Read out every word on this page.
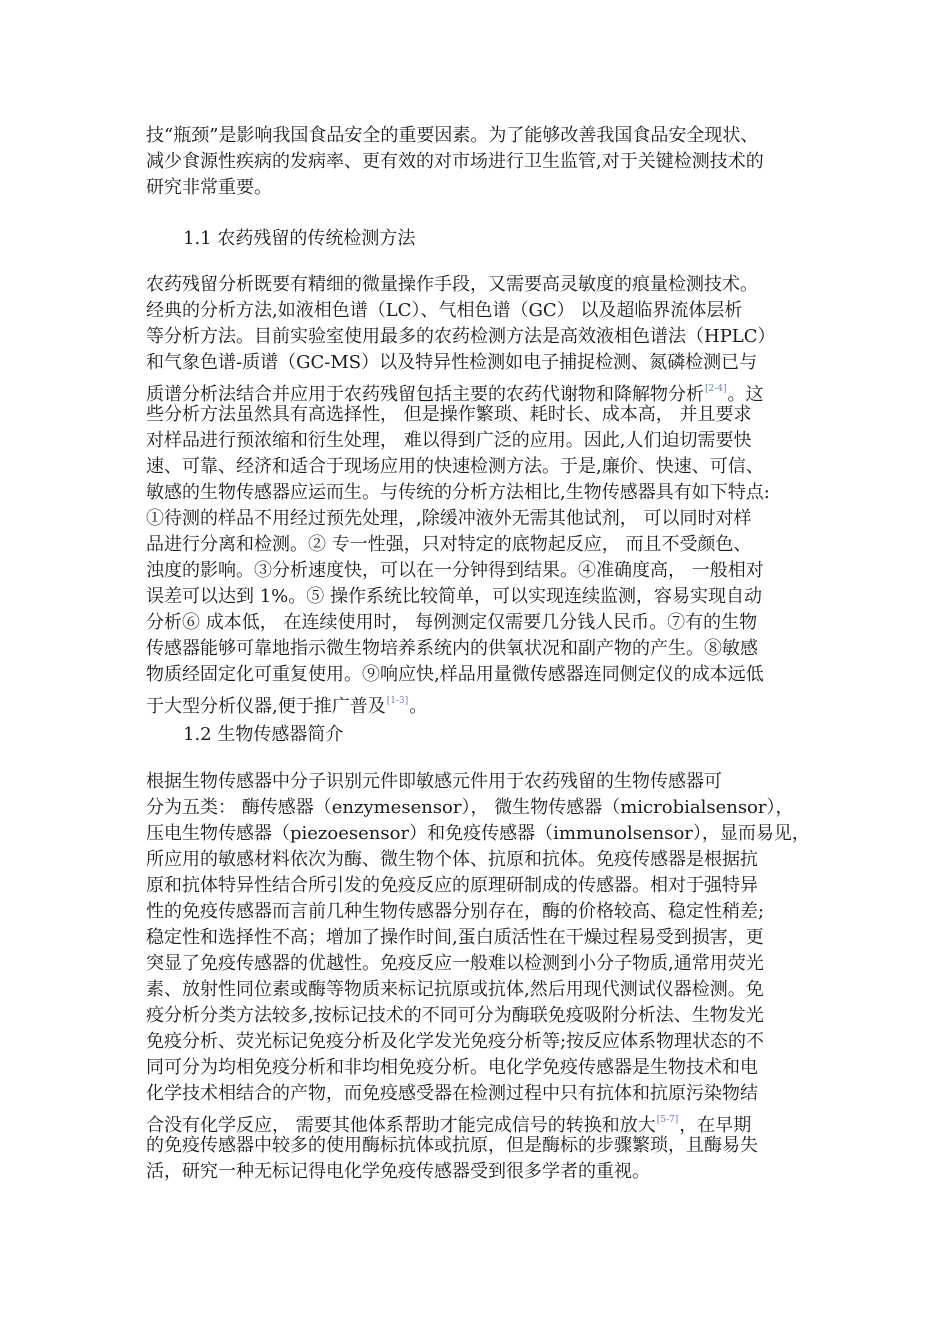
技“瓶颈”是影响我国食品安全的重要因素。为了能够改善我国食品安全现状、
减少食源性疾病的发病率、更有效的对市场进行卫生监管,对于关键检测技术的
研究非常重要。
1.1 农药残留的传统检测方法
农药残留分析既要有精细的微量操作手段，又需要高灵敏度的痕量检测技术。
经典的分析方法,如液相色谱（LC）、气相色谱（GC） 以及超临界流体层析
等分析方法。目前实验室使用最多的农药检测方法是高效液相色谱法（HPLC）
和气象色谱-质谱（GC-MS）以及特异性检测如电子捕捉检测、氮磷检测已与
质谱分析法结合并应用于农药残留包括主要的农药代谢物和降解物分析[2-4]。这
些分析方法虽然具有高选择性， 但是操作繁琐、耗时长、成本高， 并且要求
对样品进行预浓缩和衍生处理， 难以得到广泛的应用。因此,人们迫切需要快
速、可靠、经济和适合于现场应用的快速检测方法。于是,廉价、快速、可信、
敏感的生物传感器应运而生。与传统的分析方法相比,生物传感器具有如下特点:
①待测的样品不用经过预先处理，,除缓冲液外无需其他试剂， 可以同时对样
品进行分离和检测。② 专一性强，只对特定的底物起反应， 而且不受颜色、
浊度的影响。③分析速度快，可以在一分钟得到结果。④准确度高， 一般相对
误差可以达到 1%。⑤ 操作系统比较简单，可以实现连续监测，容易实现自动
分析⑥ 成本低， 在连续使用时， 每例测定仅需要几分钱人民币。⑦有的生物
传感器能够可靠地指示微生物培养系统内的供氧状况和副产物的产生。⑧敏感
物质经固定化可重复使用。⑨响应快,样品用量微传感器连同侧定仪的成本远低
于大型分析仪器,便于推广普及[1-3]。
1.2 生物传感器简介
根据生物传感器中分子识别元件即敏感元件用于农药残留的生物传感器可
分为五类： 酶传感器（enzymesensor）， 微生物传感器（microbialsensor），
压电生物传感器（piezoesensor）和免疫传感器（immunolsensor），显而易见，
所应用的敏感材料依次为酶、微生物个体、抗原和抗体。免疫传感器是根据抗
原和抗体特异性结合所引发的免疫反应的原理研制成的传感器。相对于强特异
性的免疫传感器而言前几种生物传感器分别存在，酶的价格较高、稳定性稍差;
稳定性和选择性不高；增加了操作时间,蛋白质活性在干燥过程易受到损害，更
突显了免疫传感器的优越性。免疫反应一般难以检测到小分子物质,通常用荧光
素、放射性同位素或酶等物质来标记抗原或抗体,然后用现代测试仪器检测。免
疫分析分类方法较多,按标记技术的不同可分为酶联免疫吸附分析法、生物发光
免疫分析、荧光标记免疫分析及化学发光免疫分析等;按反应体系物理状态的不
同可分为均相免疫分析和非均相免疫分析。电化学免疫传感器是生物技术和电
化学技术相结合的产物，而免疫感受器在检测过程中只有抗体和抗原污染物结
合没有化学反应， 需要其他体系帮助才能完成信号的转换和放大[5-7]，在早期
的免疫传感器中较多的使用酶标抗体或抗原，但是酶标的步骤繁琐，且酶易失
活，研究一种无标记得电化学免疫传感器受到很多学者的重视。
